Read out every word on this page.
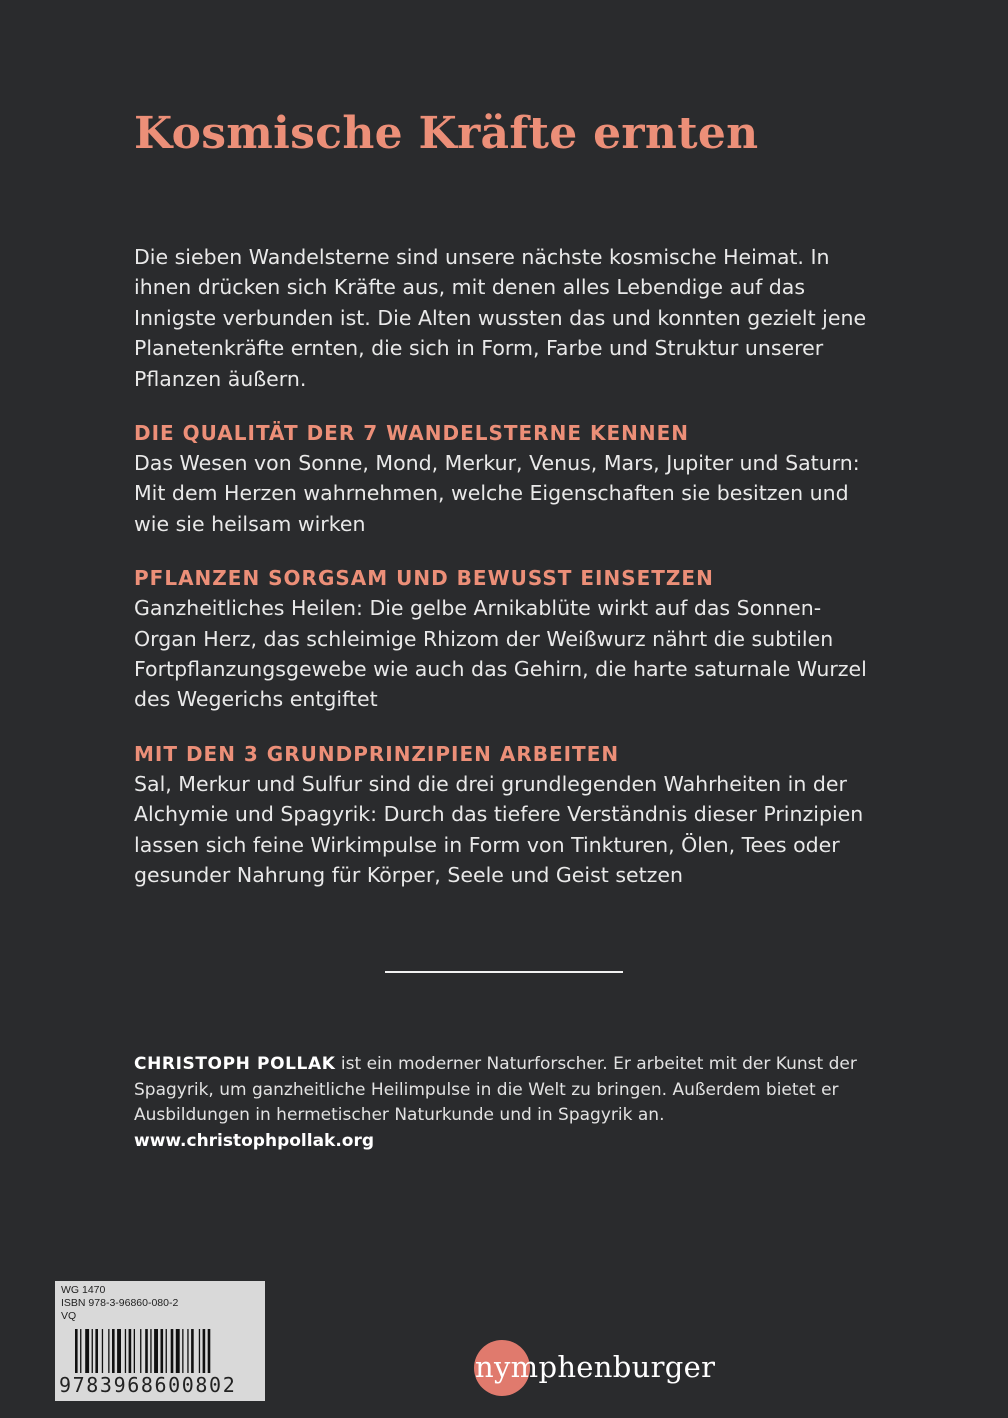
Kosmische Kräfte ernten

Die sieben Wandelsterne sind unsere nächste kosmische Heimat. In ihnen drücken sich Kräfte aus, mit denen alles Lebendige auf das Innigste verbunden ist. Die Alten wussten das und konnten gezielt jene Planetenkräfte ernten, die sich in Form, Farbe und Struktur unserer Pflanzen äußern.

DIE QUALITÄT DER 7 WANDELSTERNE KENNEN

Das Wesen von Sonne, Mond, Merkur, Venus, Mars, Jupiter und Saturn: Mit dem Herzen wahrnehmen, welche Eigenschaften sie besitzen und wie sie heilsam wirken

PFLANZEN SORGSAM UND BEWUSST EINSETZEN

Ganzheitliches Heilen: Die gelbe Arnikablüte wirkt auf das Sonnen-Organ Herz, das schleimige Rhizom der Weißwurz nährt die subtilen Fortpflanzungsgewebe wie auch das Gehirn, die harte saturnale Wurzel des Wegerichs entgiftet

MIT DEN 3 GRUNDPRINZIPIEN ARBEITEN

Sal, Merkur und Sulfur sind die drei grundlegenden Wahrheiten in der Alchymie und Spagyrik: Durch das tiefere Verständnis dieser Prinzipien lassen sich feine Wirkimpulse in Form von Tinkturen, Ölen, Tees oder gesunder Nahrung für Körper, Seele und Geist setzen

CHRISTOPH POLLAK ist ein moderner Naturforscher. Er arbeitet mit der Kunst der Spagyrik, um ganzheitliche Heilimpulse in die Welt zu bringen. Außerdem bietet er Ausbildungen in hermetischer Naturkunde und in Spagyrik an.
www.christophpollak.org

WG 1470
ISBN 978-3-96860-080-2
VQ
9783968600802
nymphenburger
